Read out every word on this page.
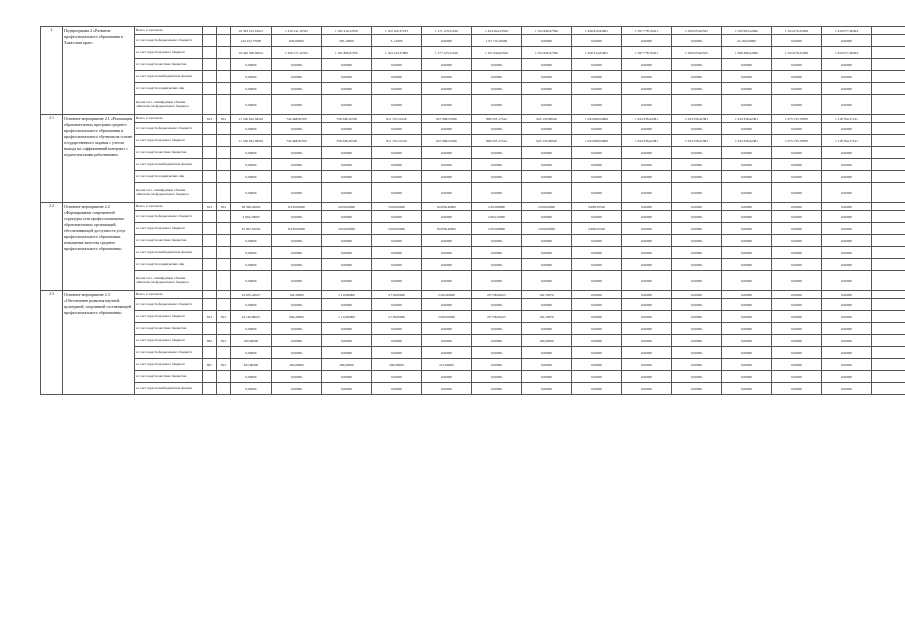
2	Подпрограмма 2 «Развитие профессионального образования в Хакасском крае»	Всего, в том числе			16 563 215,10021	1 259 141,10352	1 182 410,12670	1 163 102,37193	1 171 123,51616	1 434 204,23520	1 352 846,47590	1 446 810,95991	1 597 778,70421	1 500 623,92525	1 520 993,22840	1 523 670,25269	1 619 077,46304	
		за счет средств федерального бюджета			142 912,75000	843,00000	565,10000	3 ,12000	0,00000	1 05 710,10000	0,00000	0,00000	0,00000	0,00000	22 104,00000	0,00000	0,00000	
		за счет средств краевого бюджета			16 420 306,36021	1 258 171,10352	1 181 806,97670	1 164 124,37000	1 177 123,51616	1 327 944,64520	1 352 846,47590	1 428 314,05991	1 597 778,70421	1 500 623,92525	1 498 489,22840	1 523 670,25269	1 619 077,46304	
		за счет средств местных бюджетов			0,00000	0,00000	0,00000	0,00000	0,00000	0,00000	0,00000	0,00000	0,00000	0,00000	0,00000	0,00000	0,00000	
		за счет средств внебюджетных фондов			0,00000	0,00000	0,00000	0,00000	0,00000	0,00000	0,00000	0,00000	0,00000	0,00000	0,00000	0,00000	0,00000	
		за счет средств юридических лиц			0,00000	0,00000	0,00000	0,00000	0,00000	0,00000	0,00000	0,00000	0,00000	0,00000	0,00000	0,00000	0,00000	
		Кроме того, планируемые объемы обязательств федерального бюджета			0,00000	0,00000	0,00000	0,00000	0,00000	0,00000	0,00000	0,00000	0,00000	0,00000	0,00000	0,00000	0,00000	
2.1	Основное мероприятие 2.1 «Реализация образовательных программ среднего профессионального образования и профессионального обучения на основе государственного задания с учетом выхода на «эффективный контракт» с педагогическими работниками»	Всего, в том числе	813	812	11 330 262,58561	742 468,82700	758 228,20748	811 747,21220	827 689,25566	889 255,17544	945 135,88549	1 043 868,04906	1 034 358,42381	1 034 358,42381	1 034 358,42381	1 075 735,76870	1 118 762,27121	
		за счет средств федерального бюджета			0,00000	0,00000	0,00000	0,00000	0,00000	0,00000	0,00000	0,00000	0,00000	0,00000	0,00000	0,00000	0,00000	
		за счет средств краевого бюджета			11 330 262,58561	742 468,82700	758 228,20748	811 747,21220	827 689,25566	889 255,17544	945 135,88549	1 043 868,04906	1 034 358,42381	1 034 358,42381	1 034 358,42381	1 075 735,76870	1 118 762,27121	
		за счет средств местных бюджетов			0,00000	0,00000	0,00000	0,00000	0,00000	0,00000	0,00000	0,00000	0,00000	0,00000	0,00000	0,00000	0,00000	
		за счет средств внебюджетных фондов			0,00000	0,00000	0,00000	0,00000	0,00000	0,00000	0,00000	0,00000	0,00000	0,00000	0,00000	0,00000	0,00000	
		за счет средств юридических лиц			0,00000	0,00000	0,00000	0,00000	0,00000	0,00000	0,00000	0,00000	0,00000	0,00000	0,00000	0,00000	0,00000	
		Кроме того, планируемые объемы обязательств федерального бюджета			0,00000	0,00000	0,00000	0,00000	0,00000	0,00000	0,00000	0,00000	0,00000	0,00000	0,00000	0,00000	0,00000	
2.2	Основное мероприятие 2.2 «Формирование современной структуры сети профессиональных образовательных организаций, обеспечивающей доступность услуг профессионального образования, повышение качества среднего профессионального образования»	Всего, в том числе	813	812	38 599,43950	8 430,00000	4 650,00000	5 000,00000	84 836,40000	4 503,89890	2 000,00000	4 988,32520	0,00000	0,00000	0,00000	0,00000	0,00000	
		за счет средств федерального бюджета			2 604,70000	0,00000	0,00000	0,00000	0,00000	2 604,70000	0,00000	0,00000	0,00000	0,00000	0,00000	0,00000	0,00000	
		за счет средств краевого бюджета			35 997,61050	8 430,00000	4 650,00000	5 000,00000	84 836,40000	4 503,89890	2 000,00000	4 988,32520	0,00000	0,00000	0,00000	0,00000	0,00000	
		за счет средств местных бюджетов			0,00000	0,00000	0,00000	0,00000	0,00000	0,00000	0,00000	0,00000	0,00000	0,00000	0,00000	0,00000	0,00000	
		за счет средств внебюджетных фондов			0,00000	0,00000	0,00000	0,00000	0,00000	0,00000	0,00000	0,00000	0,00000	0,00000	0,00000	0,00000	0,00000	
		за счет средств юридических лиц			0,00000	0,00000	0,00000	0,00000	0,00000	0,00000	0,00000	0,00000	0,00000	0,00000	0,00000	0,00000	0,00000	
		Кроме того, планируемые объемы обязательств федерального бюджета			0,00000	0,00000	0,00000	0,00000	0,00000	0,00000	0,00000	0,00000	0,00000	0,00000	0,00000	0,00000	0,00000	
2.3	Основное мероприятие 2.3 «Обеспечение развития научной, культурной, спортивной составляющей профессионального образования»	Всего, в том числе			34 635,45027	102,20000	1 112,80000	4 718,00000	2 262,60000	20 738,06415	102,70070	0,00000	0,00000	0,00000	0,00000	0,00000	0,00000	
		за счет средств федерального бюджета			0,00000	0,00000	0,00000	0,00000	0,00000	0,00000	0,00000	0,00000	0,00000	0,00000	0,00000	0,00000	0,00000	
		за счет средств краевого бюджета	813	812	34 146,86027	682,20000	1 112,80000	4 718,00000	2 060,00000	20 738,06415	102,70070	0,00000	0,00000	0,00000	0,00000	0,00000	0,00000	
		за счет средств местных бюджетов			0,00000	0,00000	0,00000	0,00000	0,00000	0,00000	0,00000	0,00000	0,00000	0,00000	0,00000	0,00000	0,00000	
		за счет средств краевого бюджета	863	812	100,00000	0,00000	0,00000	0,00000	0,00000	0,00000	100,00000	0,00000	0,00000	0,00000	0,00000	0,00000	0,00000	
		за счет средств федерального бюджета			0,00000	0,00000	0,00000	0,00000	0,00000	0,00000	0,00000	0,00000	0,00000	0,00000	0,00000	0,00000	0,00000	
		за счет средств краевого бюджета	847	812	812,60000	200,00000	200,00000	200,00000	212,60000	0,00000	0,00000	0,00000	0,00000	0,00000	0,00000	0,00000	0,00000	
		за счет средств местных бюджетов			0,00000	0,00000	0,00000	0,00000	0,00000	0,00000	0,00000	0,00000	0,00000	0,00000	0,00000	0,00000	0,00000	
		за счет средств внебюджетных фондов			0,00000	0,00000	0,00000	0,00000	0,00000	0,00000	0,00000	0,00000	0,00000	0,00000	0,00000	0,00000	0,00000	
